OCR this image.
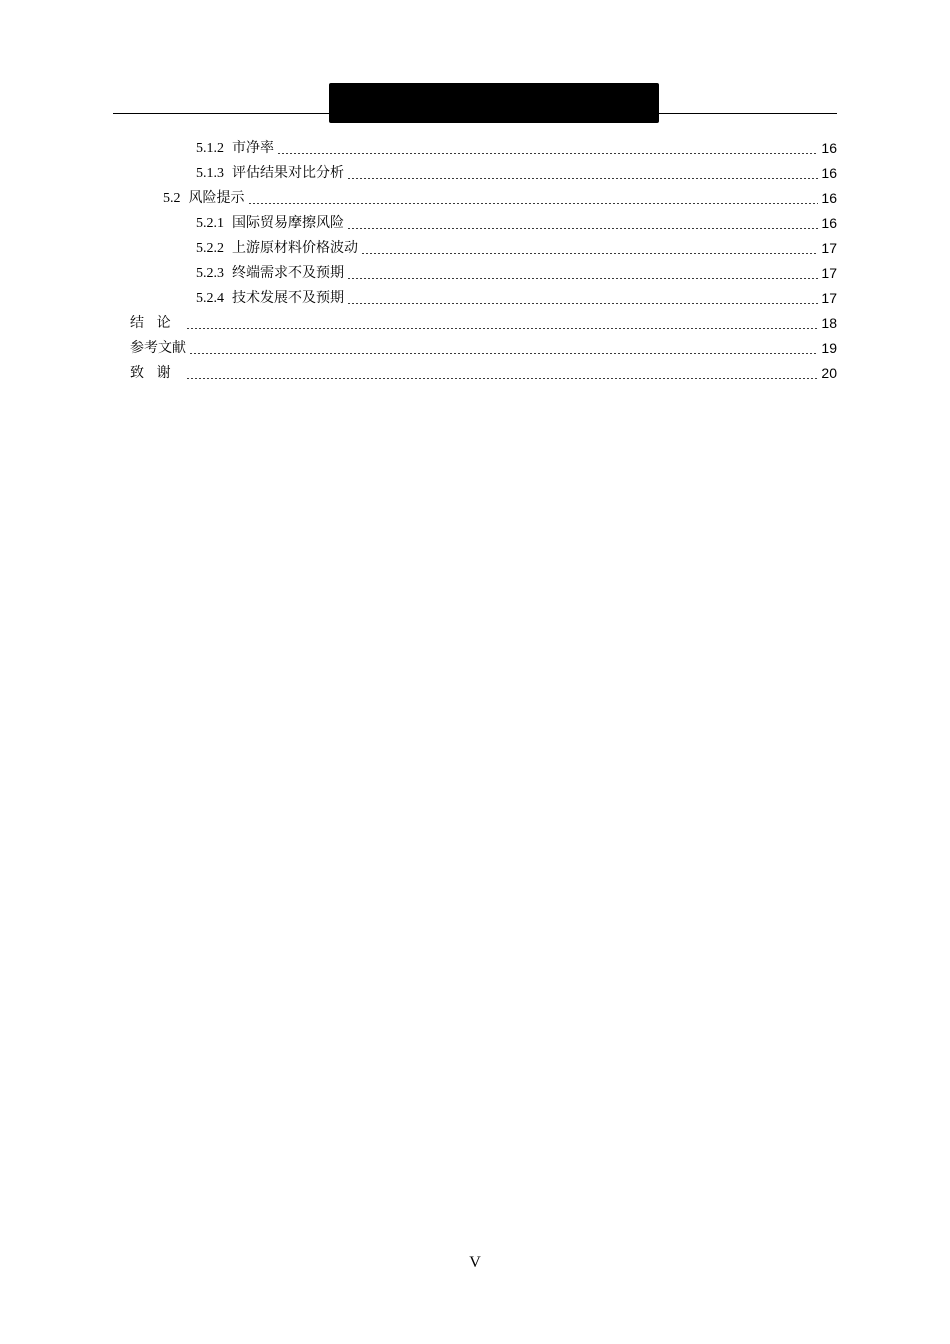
5.1.2 市净率	16
5.1.3 评估结果对比分析	16
5.2 风险提示	16
5.2.1 国际贸易摩擦风险	16
5.2.2 上游原材料价格波动	17
5.2.3 终端需求不及预期	17
5.2.4 技术发展不及预期	17
结论	18
参考文献	19
致谢	20
V
